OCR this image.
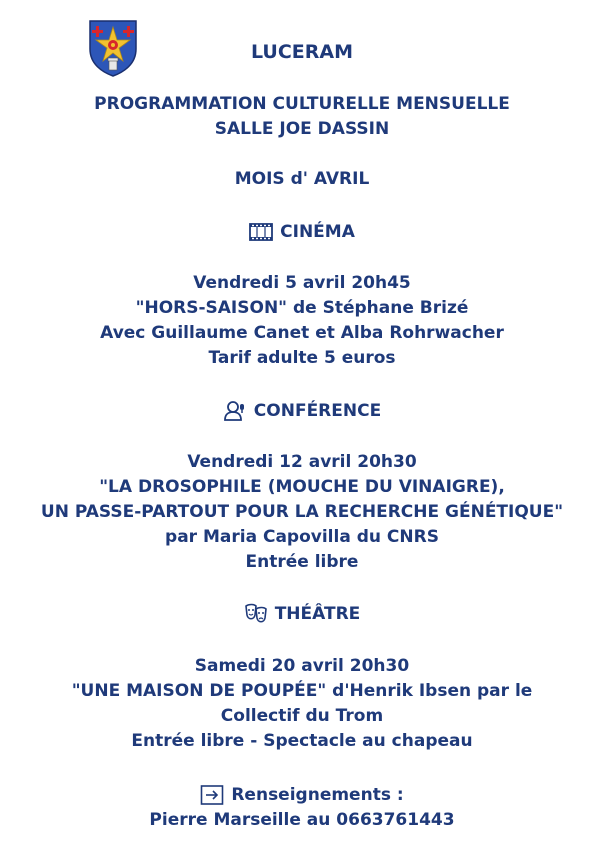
LUCERAM
PROGRAMMATION CULTURELLE MENSUELLE
SALLE JOE DASSIN
MOIS d' AVRIL
CINÉMA
Vendredi 5 avril 20h45
"HORS-SAISON" de Stéphane Brizé
Avec Guillaume Canet et Alba Rohrwacher
Tarif adulte 5 euros
CONFÉRENCE
Vendredi 12 avril 20h30
"LA DROSOPHILE (MOUCHE DU VINAIGRE),
UN PASSE-PARTOUT POUR LA RECHERCHE GÉNÉTIQUE"
par Maria Capovilla du CNRS
Entrée libre
THÉÂTRE
Samedi 20 avril 20h30
"UNE MAISON DE POUPÉE" d'Henrik Ibsen par le
Collectif du Trom
Entrée libre - Spectacle au chapeau
Renseignements :
Pierre Marseille au 0663761443
